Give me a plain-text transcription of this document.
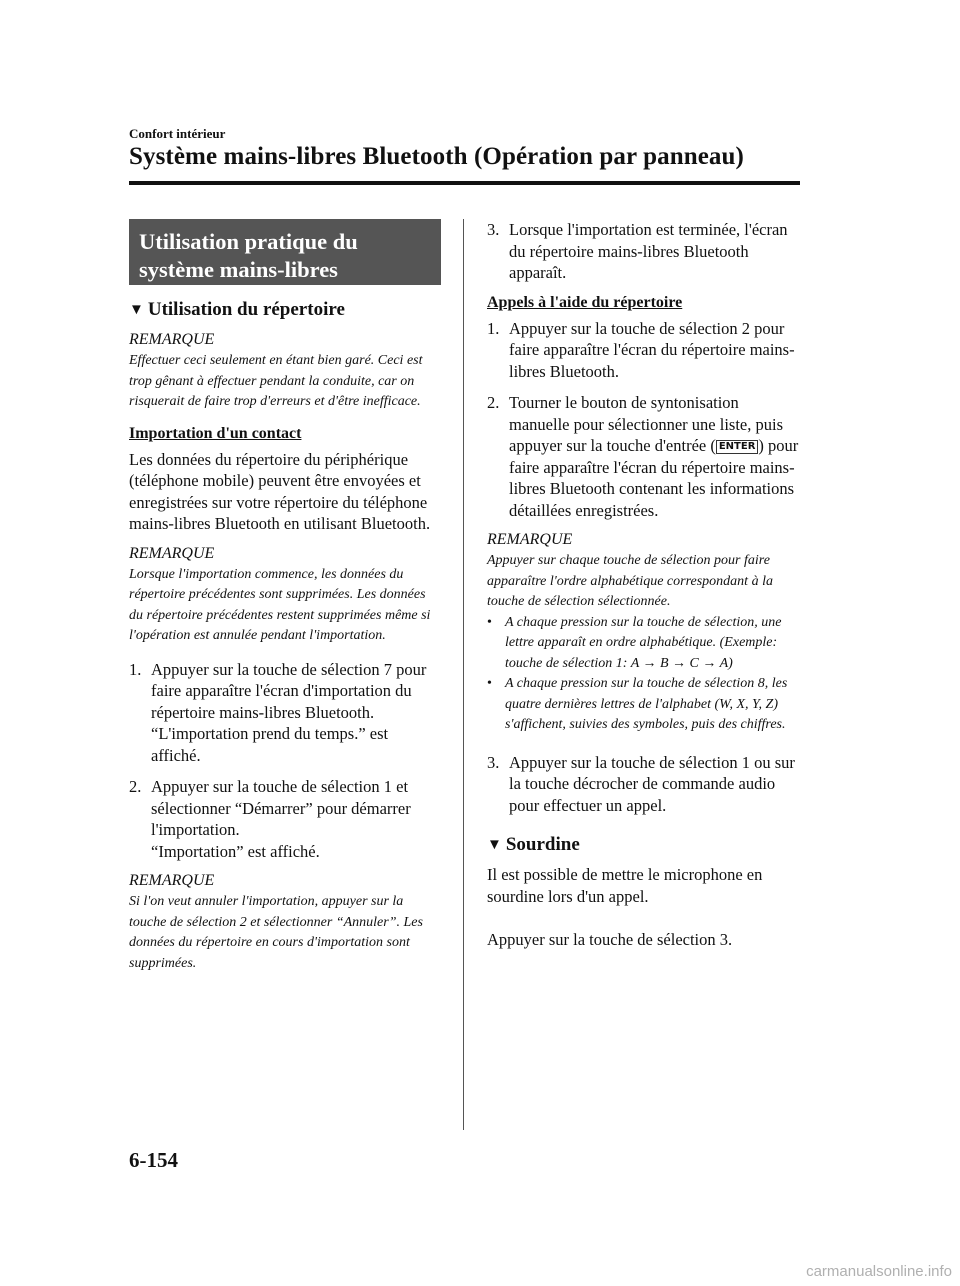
Confort intérieur
Système mains-libres Bluetooth (Opération par panneau)
Utilisation pratique du système mains-libres
▼ Utilisation du répertoire
REMARQUE

Effectuer ceci seulement en étant bien garé. Ceci est trop gênant à effectuer pendant la conduite, car on risquerait de faire trop d'erreurs et d'être inefficace.

Importation d'un contact

Les données du répertoire du périphérique (téléphone mobile) peuvent être envoyées et enregistrées sur votre répertoire du téléphone mains-libres Bluetooth en utilisant Bluetooth.

REMARQUE

Lorsque l'importation commence, les données du répertoire précédentes sont supprimées. Les données du répertoire précédentes restent supprimées même si l'opération est annulée pendant l'importation.

1. Appuyer sur la touche de sélection 7 pour faire apparaître l'écran d'importation du répertoire mains-libres Bluetooth.
“L'importation prend du temps.” est affiché.
2. Appuyer sur la touche de sélection 1 et sélectionner “Démarrer” pour démarrer l'importation.
“Importation” est affiché.
REMARQUE

Si l'on veut annuler l'importation, appuyer sur la touche de sélection 2 et sélectionner “Annuler”. Les données du répertoire en cours d'importation sont supprimées.

3. Lorsque l'importation est terminée, l'écran du répertoire mains-libres Bluetooth apparaît.
Appels à l'aide du répertoire
1. Appuyer sur la touche de sélection 2 pour faire apparaître l'écran du répertoire mains-libres Bluetooth.
2. Tourner le bouton de syntonisation manuelle pour sélectionner une liste, puis appuyer sur la touche d'entrée ( ENTER ) pour faire apparaître l'écran du répertoire mains-libres Bluetooth contenant les informations détaillées enregistrées.
REMARQUE

Appuyer sur chaque touche de sélection pour faire apparaître l'ordre alphabétique correspondant à la touche de sélection sélectionnée.

• A chaque pression sur la touche de sélection, une lettre apparaît en ordre alphabétique. (Exemple: touche de sélection 1: A → B → C → A)
• A chaque pression sur la touche de sélection 8, les quatre dernières lettres de l'alphabet (W, X, Y, Z) s'affichent, suivies des symboles, puis des chiffres.
3. Appuyer sur la touche de sélection 1 ou sur la touche décrocher de commande audio pour effectuer un appel.
▼ Sourdine

Il est possible de mettre le microphone en sourdine lors d'un appel.

Appuyer sur la touche de sélection 3.

6-154
carmanualsonline.info
